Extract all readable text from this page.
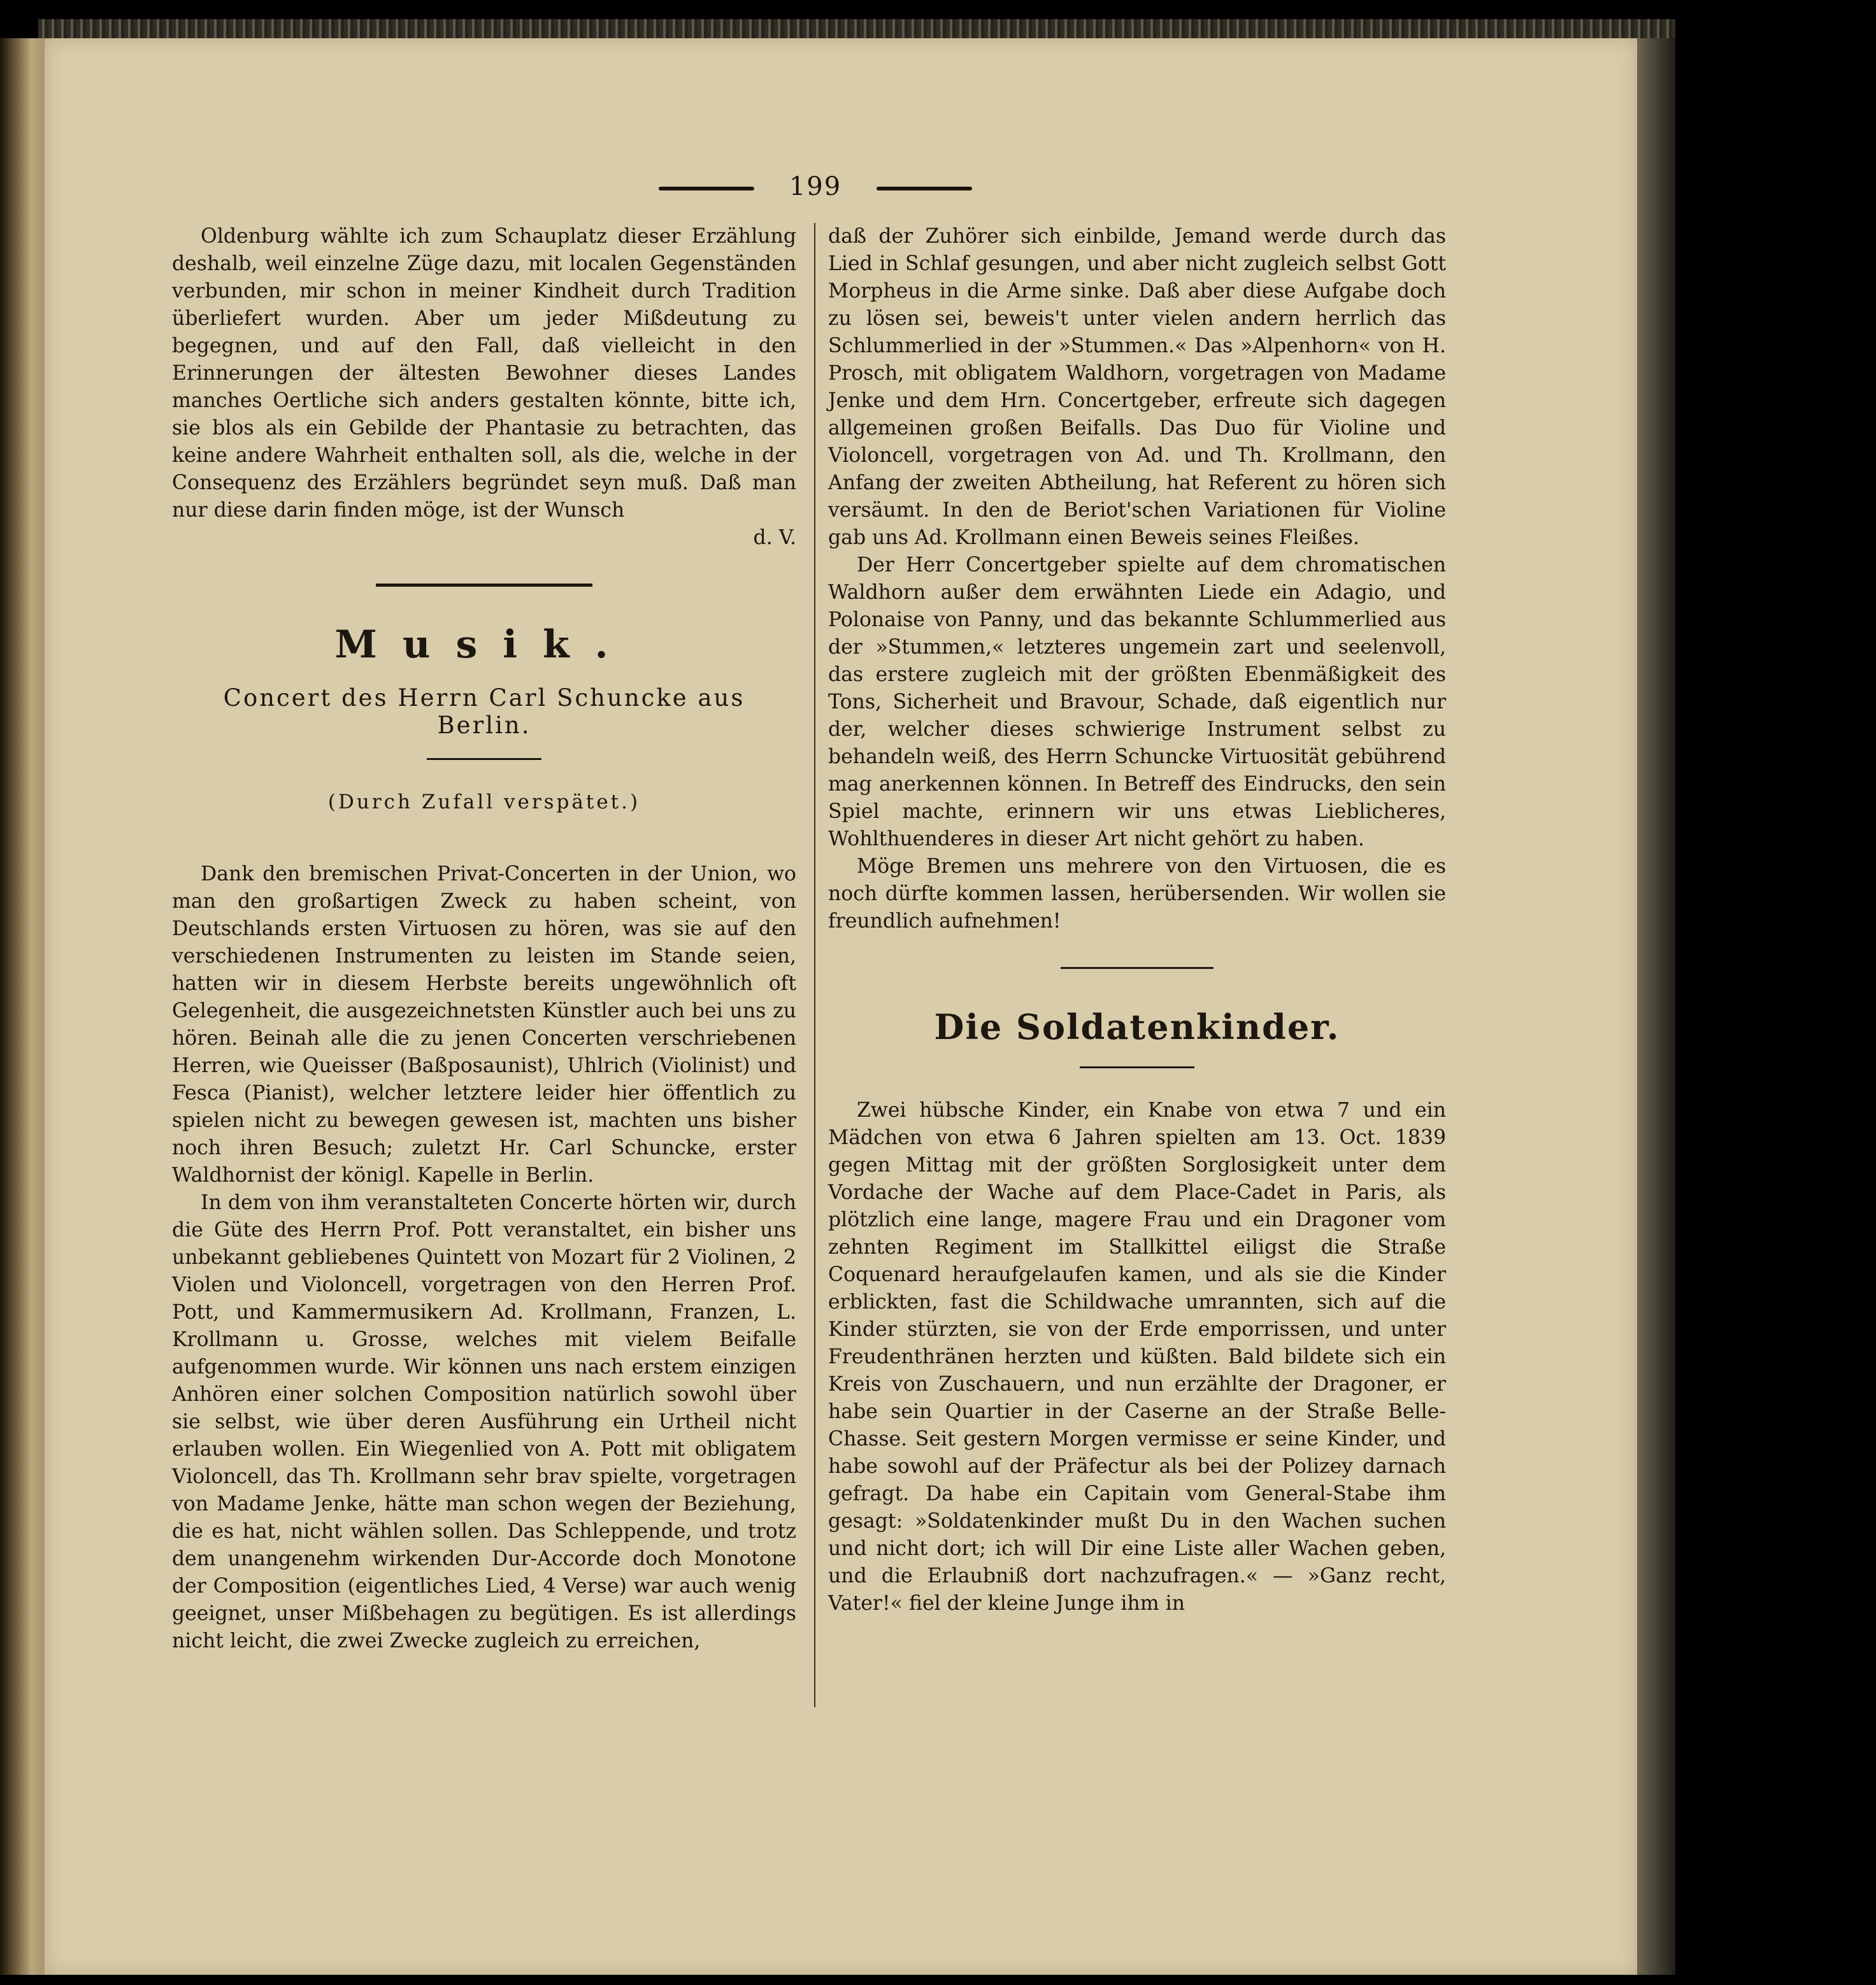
199

Oldenburg wählte ich zum Schauplatz dieser Erzählung deshalb, weil einzelne Züge dazu, mit localen Gegenständen verbunden, mir schon in meiner Kindheit durch Tradition überliefert wurden. Aber um jeder Mißdeutung zu begegnen, und auf den Fall, daß vielleicht in den Erinnerungen der ältesten Bewohner dieses Landes manches Oertliche sich anders gestalten könnte, bitte ich, sie blos als ein Gebilde der Phantasie zu betrachten, das keine andere Wahrheit enthalten soll, als die, welche in der Consequenz des Erzählers begründet seyn muß. Daß man nur diese darin finden möge, ist der Wunsch

d. V.

Musik.
Concert des Herrn Carl Schuncke aus Berlin.
(Durch Zufall verspätet.)

Dank den bremischen Privat-Concerten in der Union, wo man den großartigen Zweck zu haben scheint, von Deutschlands ersten Virtuosen zu hören, was sie auf den verschiedenen Instrumenten zu leisten im Stande seien, hatten wir in diesem Herbste bereits ungewöhnlich oft Gelegenheit, die ausgezeichnetsten Künstler auch bei uns zu hören. Beinah alle die zu jenen Concerten verschriebenen Herren, wie Queisser (Baßposaunist), Uhlrich (Violinist) und Fesca (Pianist), welcher letztere leider hier öffentlich zu spielen nicht zu bewegen gewesen ist, machten uns bisher noch ihren Besuch; zuletzt Hr. Carl Schuncke, erster Waldhornist der königl. Kapelle in Berlin.

In dem von ihm veranstalteten Concerte hörten wir, durch die Güte des Herrn Prof. Pott veranstaltet, ein bisher uns unbekannt gebliebenes Quintett von Mozart für 2 Violinen, 2 Violen und Violoncell, vorgetragen von den Herren Prof. Pott, und Kammermusikern Ad. Krollmann, Franzen, L. Krollmann u. Grosse, welches mit vielem Beifalle aufgenommen wurde. Wir können uns nach erstem einzigen Anhören einer solchen Composition natürlich sowohl über sie selbst, wie über deren Ausführung ein Urtheil nicht erlauben wollen. Ein Wiegenlied von A. Pott mit obligatem Violoncell, das Th. Krollmann sehr brav spielte, vorgetragen von Madame Jenke, hätte man schon wegen der Beziehung, die es hat, nicht wählen sollen. Das Schleppende, und trotz dem unangenehm wirkenden Dur-Accorde doch Monotone der Composition (eigentliches Lied, 4 Verse) war auch wenig geeignet, unser Mißbehagen zu begütigen. Es ist allerdings nicht leicht, die zwei Zwecke zugleich zu erreichen,

daß der Zuhörer sich einbilde, Jemand werde durch das Lied in Schlaf gesungen, und aber nicht zugleich selbst Gott Morpheus in die Arme sinke. Daß aber diese Aufgabe doch zu lösen sei, beweis't unter vielen andern herrlich das Schlummerlied in der »Stummen.« Das »Alpenhorn« von H. Prosch, mit obligatem Waldhorn, vorgetragen von Madame Jenke und dem Hrn. Concertgeber, erfreute sich dagegen allgemeinen großen Beifalls. Das Duo für Violine und Violoncell, vorgetragen von Ad. und Th. Krollmann, den Anfang der zweiten Abtheilung, hat Referent zu hören sich versäumt. In den de Beriot'schen Variationen für Violine gab uns Ad. Krollmann einen Beweis seines Fleißes.

Der Herr Concertgeber spielte auf dem chromatischen Waldhorn außer dem erwähnten Liede ein Adagio, und Polonaise von Panny, und das bekannte Schlummerlied aus der »Stummen,« letzteres ungemein zart und seelenvoll, das erstere zugleich mit der größten Ebenmäßigkeit des Tons, Sicherheit und Bravour, Schade, daß eigentlich nur der, welcher dieses schwierige Instrument selbst zu behandeln weiß, des Herrn Schuncke Virtuosität gebührend mag anerkennen können. In Betreff des Eindrucks, den sein Spiel machte, erinnern wir uns etwas Lieblicheres, Wohlthuenderes in dieser Art nicht gehört zu haben.

Möge Bremen uns mehrere von den Virtuosen, die es noch dürfte kommen lassen, herübersenden. Wir wollen sie freundlich aufnehmen!

Die Soldatenkinder.

Zwei hübsche Kinder, ein Knabe von etwa 7 und ein Mädchen von etwa 6 Jahren spielten am 13. Oct. 1839 gegen Mittag mit der größten Sorglosigkeit unter dem Vordache der Wache auf dem Place-Cadet in Paris, als plötzlich eine lange, magere Frau und ein Dragoner vom zehnten Regiment im Stallkittel eiligst die Straße Coquenard heraufgelaufen kamen, und als sie die Kinder erblickten, fast die Schildwache umrannten, sich auf die Kinder stürzten, sie von der Erde emporrissen, und unter Freudenthränen herzten und küßten. Bald bildete sich ein Kreis von Zuschauern, und nun erzählte der Dragoner, er habe sein Quartier in der Caserne an der Straße Belle-Chasse. Seit gestern Morgen vermisse er seine Kinder, und habe sowohl auf der Präfectur als bei der Polizey darnach gefragt. Da habe ein Capitain vom General-Stabe ihm gesagt: »Soldatenkinder mußt Du in den Wachen suchen und nicht dort; ich will Dir eine Liste aller Wachen geben, und die Erlaubniß dort nachzufragen.« — »Ganz recht, Vater!« fiel der kleine Junge ihm in
